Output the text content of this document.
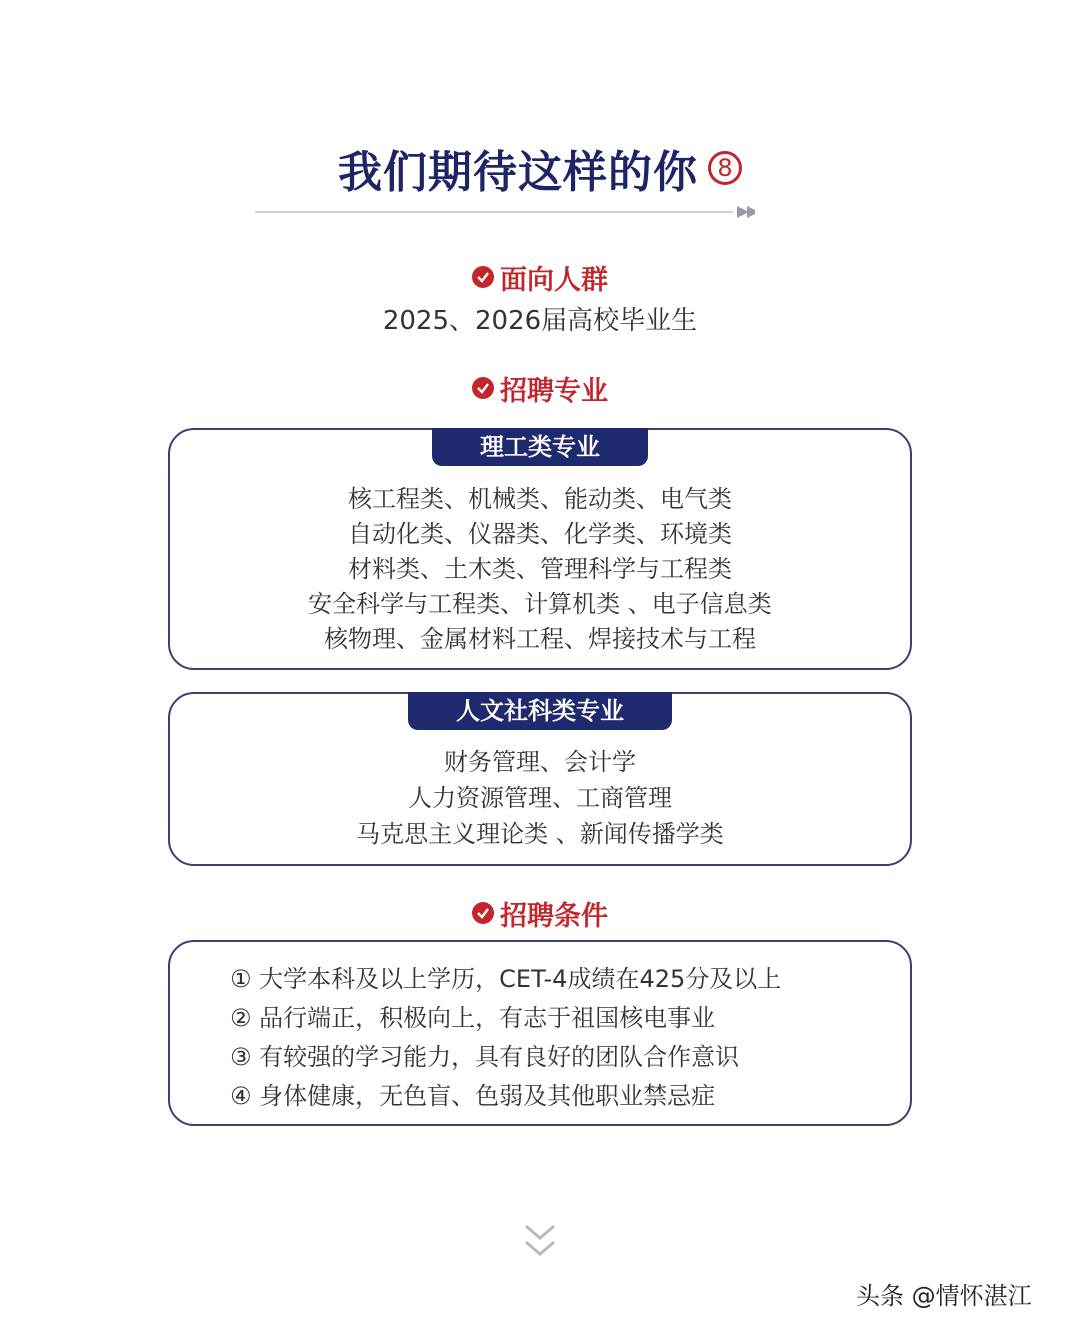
我们期待这样的你 8
面向人群
2025、2026届高校毕业生
招聘专业
理工类专业
核工程类、机械类、能动类、电气类
自动化类、仪器类、化学类、环境类
材料类、土木类、管理科学与工程类
安全科学与工程类、计算机类 、电子信息类
核物理、金属材料工程、焊接技术与工程
人文社科类专业
财务管理、会计学
人力资源管理、工商管理
马克思主义理论类 、新闻传播学类
招聘条件
① 大学本科及以上学历，CET-4成绩在425分及以上
② 品行端正，积极向上，有志于祖国核电事业
③ 有较强的学习能力，具有良好的团队合作意识
④ 身体健康，无色盲、色弱及其他职业禁忌症
头条 @情怀湛江
